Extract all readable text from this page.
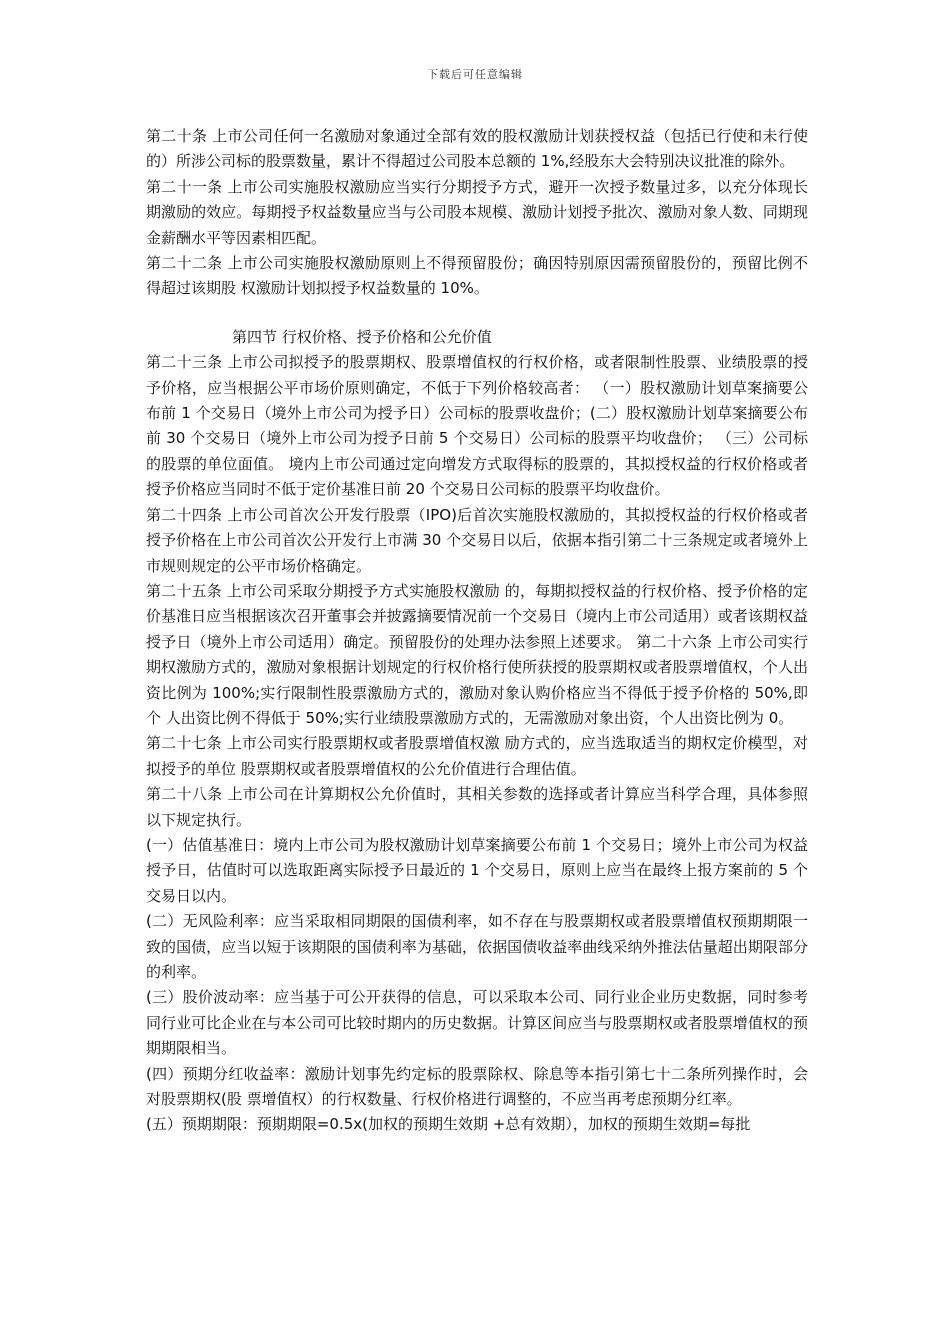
下载后可任意编辑

第二十条 上市公司任何一名激励对象通过全部有效的股权激励计划获授权益（包括已行使和未行使的）所涉公司标的股票数量，累计不得超过公司股本总额的 1%,经股东大会特别决议批准的除外。

第二十一条 上市公司实施股权激励应当实行分期授予方式，避开一次授予数量过多，以充分体现长期激励的效应。每期授予权益数量应当与公司股本规模、激励计划授予批次、激励对象人数、同期现金薪酬水平等因素相匹配。

第二十二条 上市公司实施股权激励原则上不得预留股份；确因特别原因需预留股份的，预留比例不得超过该期股 权激励计划拟授予权益数量的 10%。

第四节 行权价格、授予价格和公允价值

第二十三条 上市公司拟授予的股票期权、股票增值权的行权价格，或者限制性股票、业绩股票的授予价格，应当根据公平市场价原则确定，不低于下列价格较高者： （一）股权激励计划草案摘要公布前 1 个交易日（境外上市公司为授予日）公司标的股票收盘价；(二）股权激励计划草案摘要公布前 30 个交易日（境外上市公司为授予日前 5 个交易日）公司标的股票平均收盘价； （三）公司标的股票的单位面值。 境内上市公司通过定向增发方式取得标的股票的，其拟授权益的行权价格或者授予价格应当同时不低于定价基准日前 20 个交易日公司标的股票平均收盘价。

第二十四条 上市公司首次公开发行股票（IPO)后首次实施股权激励的，其拟授权益的行权价格或者授予价格在上市公司首次公开发行上市满 30 个交易日以后，依据本指引第二十三条规定或者境外上市规则规定的公平市场价格确定。

第二十五条 上市公司采取分期授予方式实施股权激励 的，每期拟授权益的行权价格、授予价格的定价基准日应当根据该次召开董事会并披露摘要情况前一个交易日（境内上市公司适用）或者该期权益授予日（境外上市公司适用）确定。预留股份的处理办法参照上述要求。 第二十六条 上市公司实行期权激励方式的，激励对象根据计划规定的行权价格行使所获授的股票期权或者股票增值权，个人出资比例为 100%;实行限制性股票激励方式的，激励对象认购价格应当不得低于授予价格的 50%,即个 人出资比例不得低于 50%;实行业绩股票激励方式的，无需激励对象出资，个人出资比例为 0。

第二十七条 上市公司实行股票期权或者股票增值权激 励方式的，应当选取适当的期权定价模型，对拟授予的单位 股票期权或者股票增值权的公允价值进行合理估值。

第二十八条 上市公司在计算期权公允价值时，其相关参数的选择或者计算应当科学合理，具体参照以下规定执行。

(一）估值基准日：境内上市公司为股权激励计划草案摘要公布前 1 个交易日；境外上市公司为权益授予日，估值时可以选取距离实际授予日最近的 1 个交易日，原则上应当在最终上报方案前的 5 个交易日以内。

(二）无风险利率：应当采取相同期限的国债利率，如不存在与股票期权或者股票增值权预期期限一致的国债，应当以短于该期限的国债利率为基础，依据国债收益率曲线采纳外推法估量超出期限部分的利率。

(三）股价波动率：应当基于可公开获得的信息，可以采取本公司、同行业企业历史数据，同时参考同行业可比企业在与本公司可比较时期内的历史数据。计算区间应当与股票期权或者股票增值权的预期期限相当。

(四）预期分红收益率：激励计划事先约定标的股票除权、除息等本指引第七十二条所列操作时，会对股票期权(股 票增值权）的行权数量、行权价格进行调整的，不应当再考虑预期分红率。

(五）预期期限：预期期限=0.5x(加权的预期生效期 +总有效期），加权的预期生效期=每批
